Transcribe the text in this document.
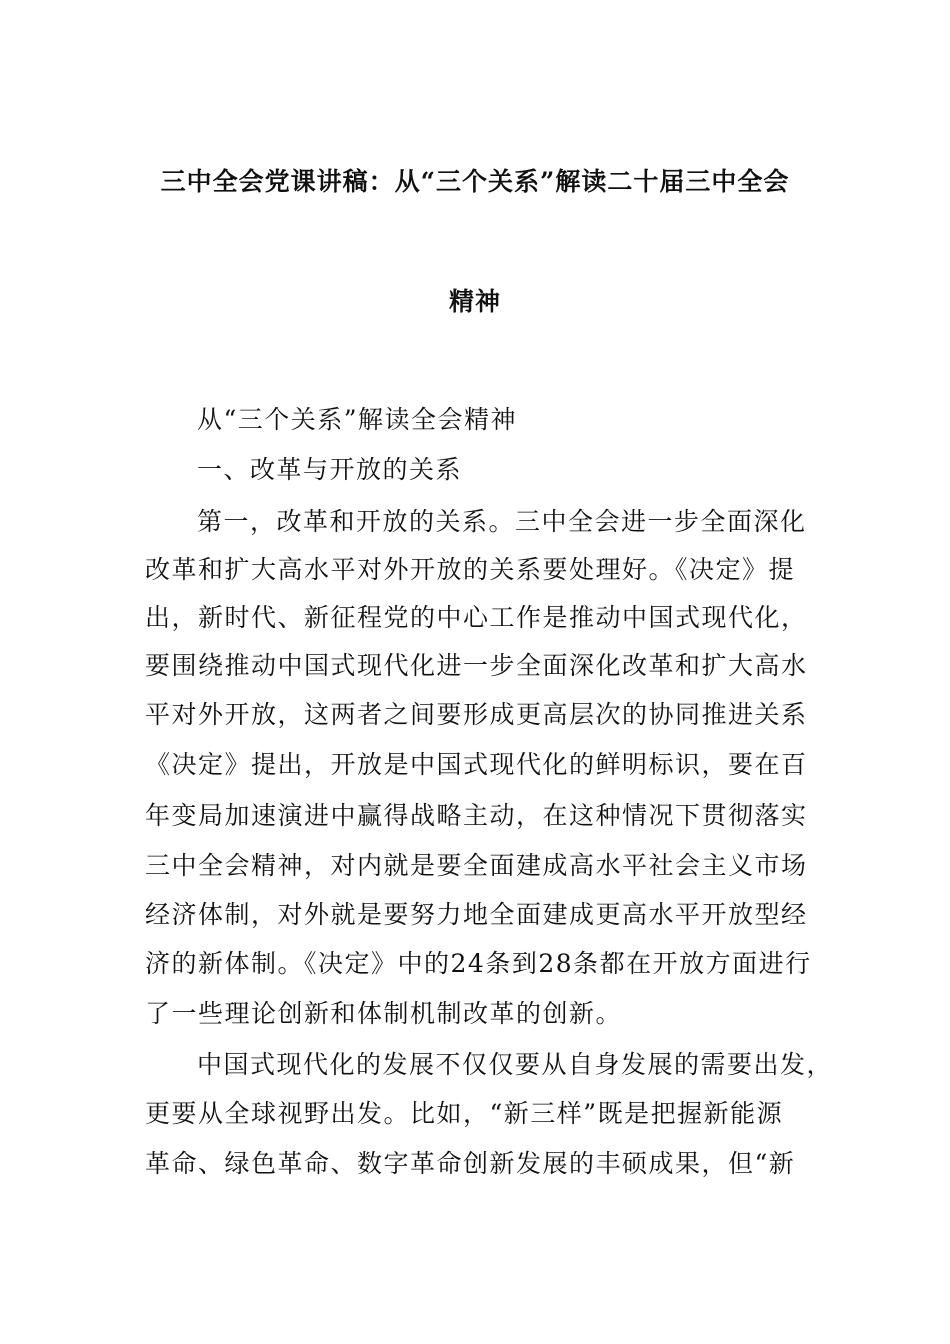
三中全会党课讲稿：从“三个关系”解读二十届三中全会
精神
从“三个关系”解读全会精神
一、改革与开放的关系
第一，改革和开放的关系。三中全会进一步全面深化
改革和扩大高水平对外开放的关系要处理好。《决定》提
出，新时代、新征程党的中心工作是推动中国式现代化，
要围绕推动中国式现代化进一步全面深化改革和扩大高水
平对外开放，这两者之间要形成更高层次的协同推进关系
《决定》提出，开放是中国式现代化的鲜明标识，要在百
年变局加速演进中赢得战略主动，在这种情况下贯彻落实
三中全会精神，对内就是要全面建成高水平社会主义市场
经济体制，对外就是要努力地全面建成更高水平开放型经
济的新体制。《决定》中的24条到28条都在开放方面进行
了一些理论创新和体制机制改革的创新。
中国式现代化的发展不仅仅要从自身发展的需要出发，
更要从全球视野出发。比如，“新三样”既是把握新能源
革命、绿色革命、数字革命创新发展的丰硕成果，但“新
